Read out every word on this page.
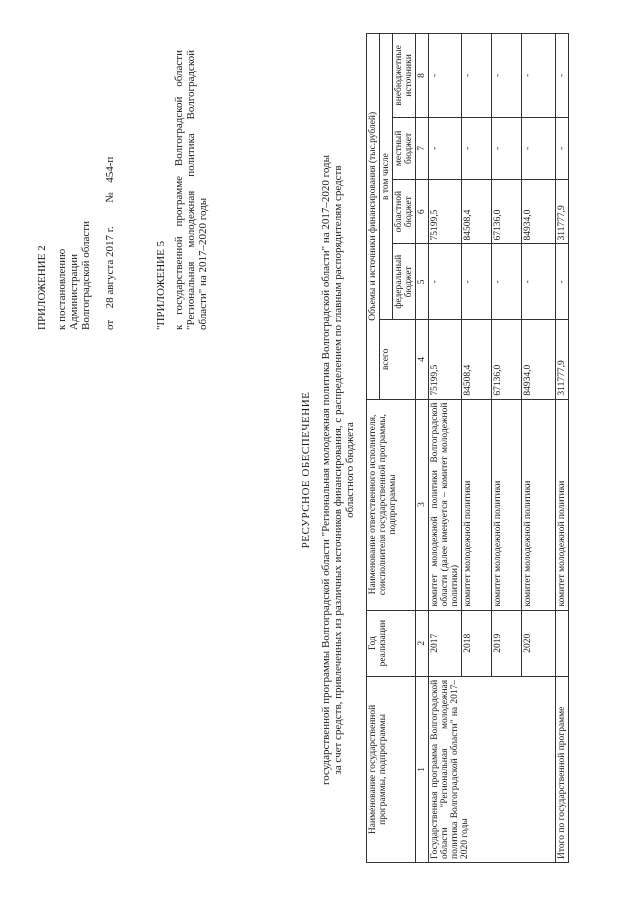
ПРИЛОЖЕНИЕ 2 к постановлению Администрации Волгоградской области от  28 августа 2017 г.  №  454-п
"ПРИЛОЖЕНИЕ 5 к государственной программе Волгоградской области "Региональная молодежная политика Волгоградской области" на 2017–2020 годы
РЕСУРСНОЕ ОБЕСПЕЧЕНИЕ государственной программы Волгоградской области "Региональная молодежная политика Волгоградской области" на 2017–2020 годы за счет средств, привлеченных из различных источников финансирования, с распределением по главным распорядителям средств областного бюджета
Наименование государственной программы, подпрограммы	Год реализации	Наименование ответственного исполнителя, соисполнителя государственной программы, подпрограммы	Объемы и источники финансирования (тыс.рублей)				
			всего	в том числе			
				федеральный бюджет	областной бюджет	местный бюджет	внебюджетные источники
1	2	3	4	5	6	7	8
Государственная программа Волгоградской области "Региональная молодежная политика Волгоградской области" на 2017–2020 годы	2017	комитет молодежной политики Волгоградской области (далее именуется – комитет молодежной политики)	75199,5	-	75199,5	-	-
	2018	комитет молодежной политики	84508,4	-	84508,4	-	-
	2019	комитет молодежной политики	67136,0	-	67136,0	-	-
	2020	комитет молодежной политики	84934,0	-	84934,0	-	-
Итого по государственной программе		комитет молодежной политики	311777,9	-	311777,9	-	-
